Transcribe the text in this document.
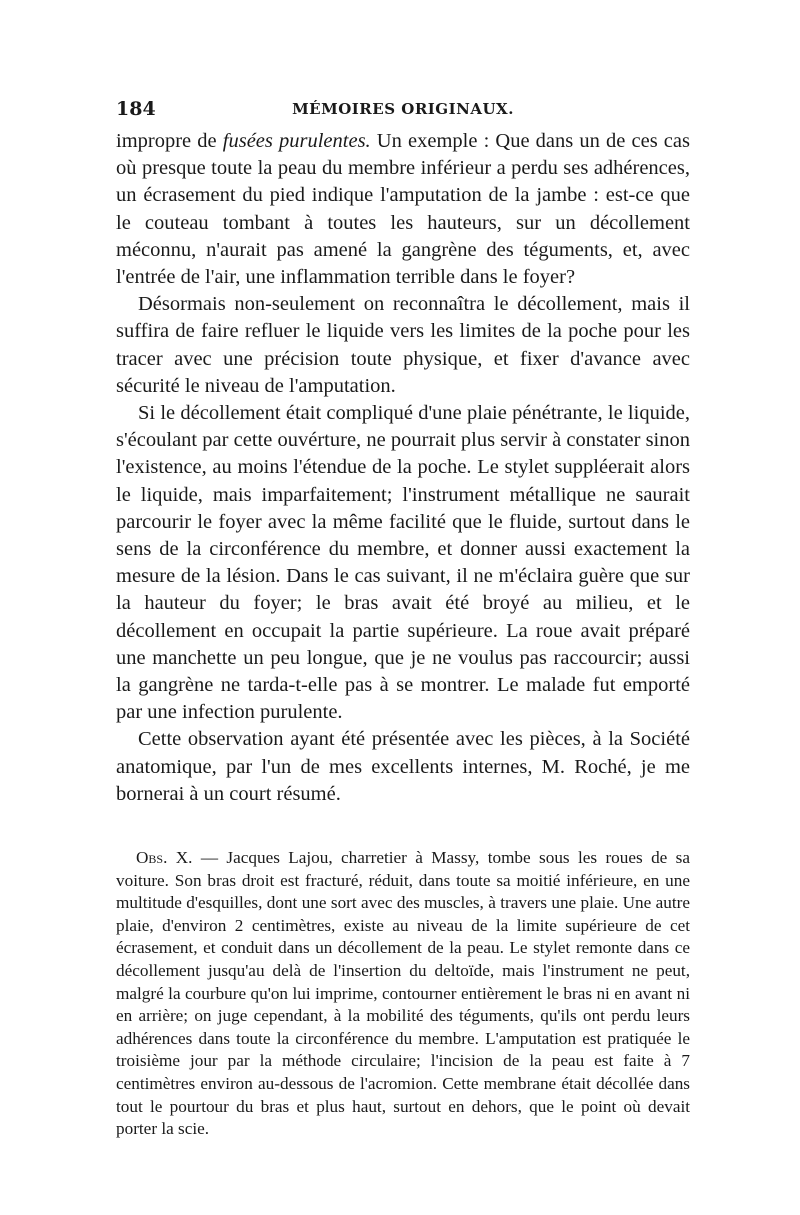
184	MÉMOIRES ORIGINAUX.

impropre de fusées purulentes. Un exemple : Que dans un de ces cas où presque toute la peau du membre inférieur a perdu ses adhérences, un écrasement du pied indique l'amputation de la jambe : est-ce que le couteau tombant à toutes les hauteurs, sur un décollement méconnu, n'aurait pas amené la gangrène des téguments, et, avec l'entrée de l'air, une inflammation terrible dans le foyer?

Désormais non-seulement on reconnaîtra le décollement, mais il suffira de faire refluer le liquide vers les limites de la poche pour les tracer avec une précision toute physique, et fixer d'avance avec sécurité le niveau de l'amputation.

Si le décollement était compliqué d'une plaie pénétrante, le liquide, s'écoulant par cette ouvérture, ne pourrait plus servir à constater sinon l'existence, au moins l'étendue de la poche. Le stylet suppléerait alors le liquide, mais imparfaitement; l'instrument métallique ne saurait parcourir le foyer avec la même facilité que le fluide, surtout dans le sens de la circonférence du membre, et donner aussi exactement la mesure de la lésion. Dans le cas suivant, il ne m'éclaira guère que sur la hauteur du foyer; le bras avait été broyé au milieu, et le décollement en occupait la partie supérieure. La roue avait préparé une manchette un peu longue, que je ne voulus pas raccourcir; aussi la gangrène ne tarda-t-elle pas à se montrer. Le malade fut emporté par une infection purulente.

Cette observation ayant été présentée avec les pièces, à la Société anatomique, par l'un de mes excellents internes, M. Roché, je me bornerai à un court résumé.

Obs. X. — Jacques Lajou, charretier à Massy, tombe sous les roues de sa voiture. Son bras droit est fracturé, réduit, dans toute sa moitié inférieure, en une multitude d'esquilles, dont une sort avec des muscles, à travers une plaie. Une autre plaie, d'environ 2 centimètres, existe au niveau de la limite supérieure de cet écrasement, et conduit dans un décollement de la peau. Le stylet remonte dans ce décollement jusqu'au delà de l'insertion du deltoïde, mais l'instrument ne peut, malgré la courbure qu'on lui imprime, contourner entièrement le bras ni en avant ni en arrière; on juge cependant, à la mobilité des téguments, qu'ils ont perdu leurs adhérences dans toute la circonférence du membre. L'amputation est pratiquée le troisième jour par la méthode circulaire; l'incision de la peau est faite à 7 centimètres environ au-dessous de l'acromion. Cette membrane était décollée dans tout le pourtour du bras et plus haut, surtout en dehors, que le point où devait porter la scie.
